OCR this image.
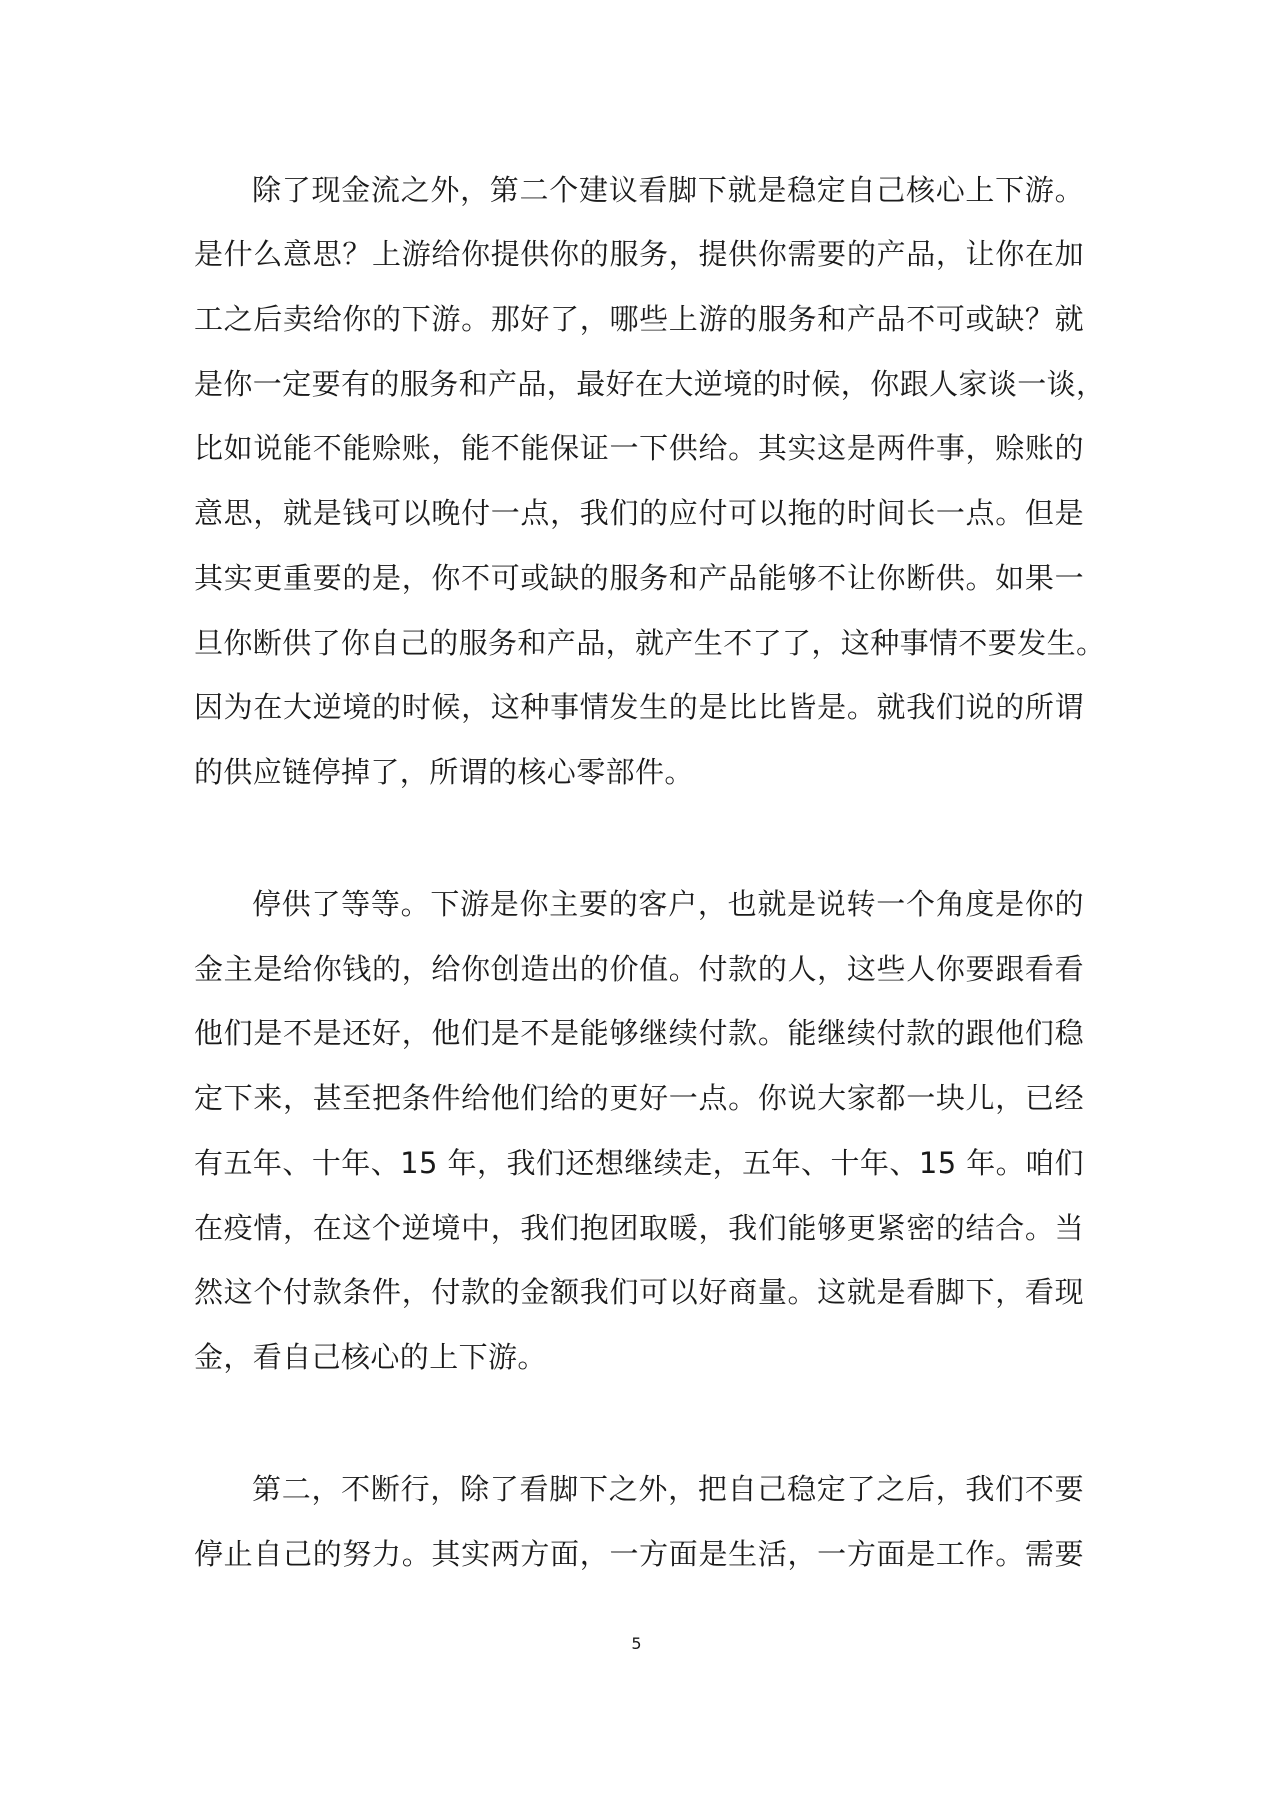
除了现金流之外，第二个建议看脚下就是稳定自己核心上下游。
是什么意思？上游给你提供你的服务，提供你需要的产品，让你在加
工之后卖给你的下游。那好了，哪些上游的服务和产品不可或缺？就
是你一定要有的服务和产品，最好在大逆境的时候，你跟人家谈一谈，
比如说能不能赊账，能不能保证一下供给。其实这是两件事，赊账的
意思，就是钱可以晚付一点，我们的应付可以拖的时间长一点。但是
其实更重要的是，你不可或缺的服务和产品能够不让你断供。如果一
旦你断供了你自己的服务和产品，就产生不了了，这种事情不要发生。
因为在大逆境的时候，这种事情发生的是比比皆是。就我们说的所谓
的供应链停掉了，所谓的核心零部件。
停供了等等。下游是你主要的客户，也就是说转一个角度是你的
金主是给你钱的，给你创造出的价值。付款的人，这些人你要跟看看
他们是不是还好，他们是不是能够继续付款。能继续付款的跟他们稳
定下来，甚至把条件给他们给的更好一点。你说大家都一块儿，已经
有五年、十年、15 年，我们还想继续走，五年、十年、15 年。咱们
在疫情，在这个逆境中，我们抱团取暖，我们能够更紧密的结合。当
然这个付款条件，付款的金额我们可以好商量。这就是看脚下，看现
金，看自己核心的上下游。
第二，不断行，除了看脚下之外，把自己稳定了之后，我们不要
停止自己的努力。其实两方面，一方面是生活，一方面是工作。需要
5
